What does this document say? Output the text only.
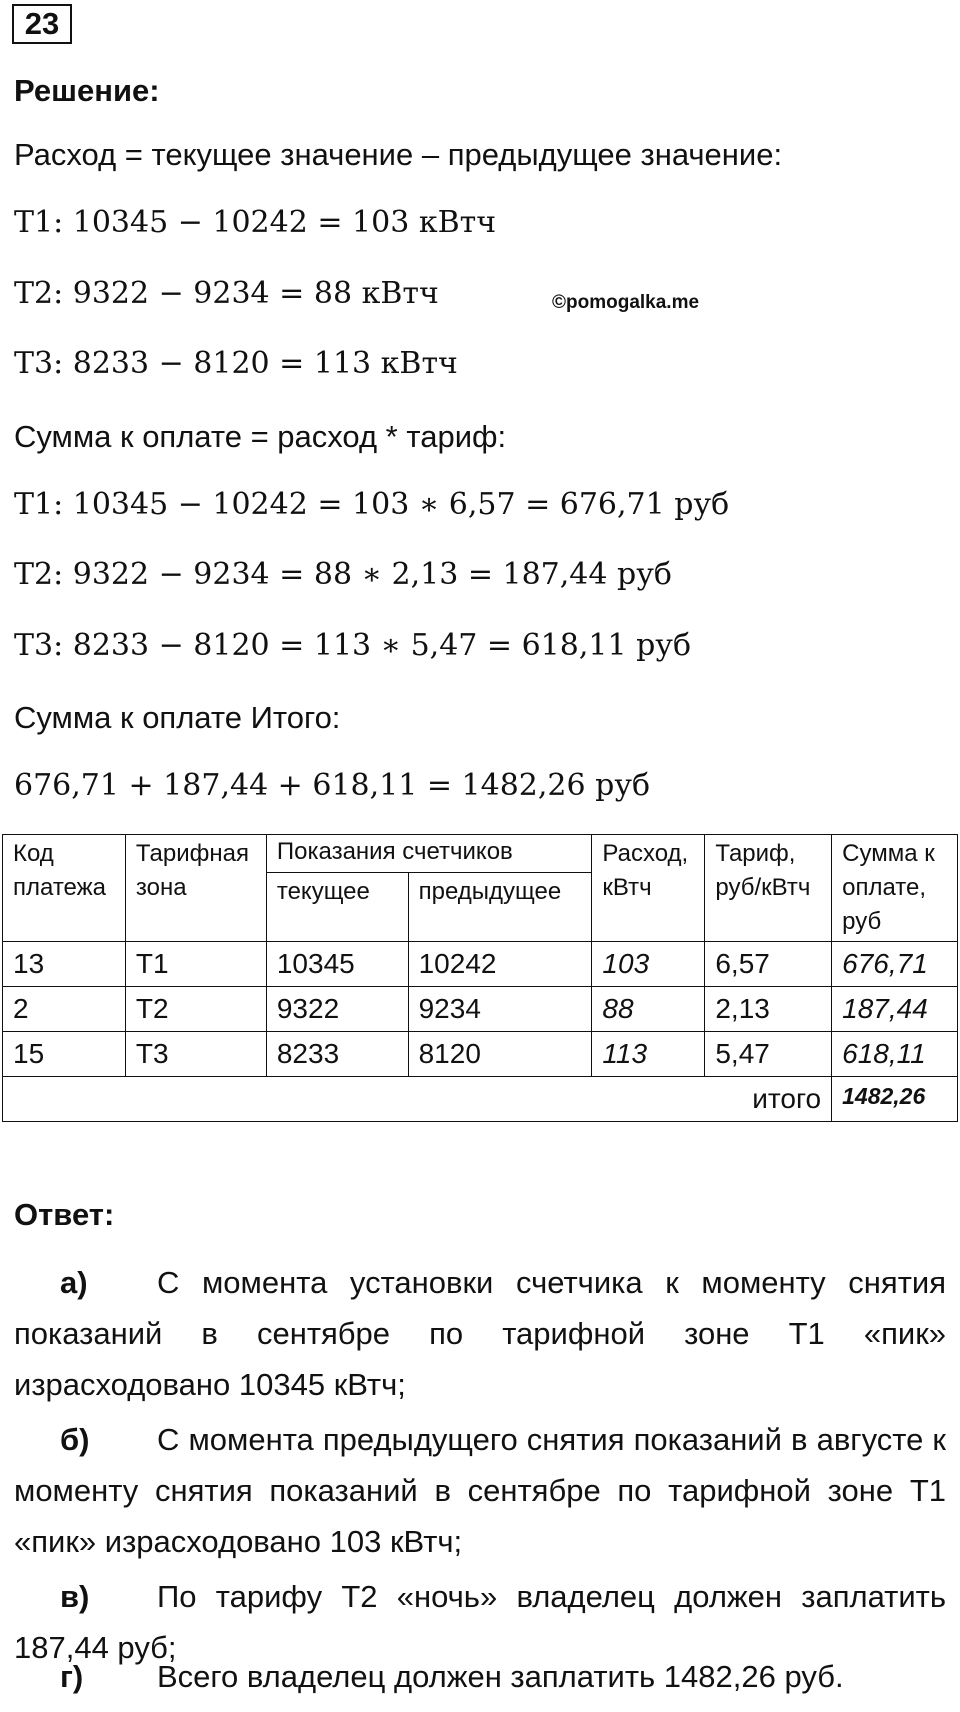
23
Решение:
Расход = текущее значение – предыдущее значение:
T1: 10345 − 10242 = 103 кВтч
T2: 9322 − 9234 = 88 кВтч	©pomogalka.me
T3: 8233 − 8120 = 113 кВтч
Сумма к оплате = расход * тариф:
T1: 10345 − 10242 = 103 ∗ 6,57 = 676,71 руб
T2: 9322 − 9234 = 88 ∗ 2,13 = 187,44 руб
T3: 8233 − 8120 = 113 ∗ 5,47 = 618,11 руб
Сумма к оплате Итого:
676,71 + 187,44 + 618,11 = 1482,26 руб
Код платежа	Тарифная зона	Показания счетчиков		Расход, кВтч	Тариф, руб/кВтч	Сумма к оплате, руб
		текущее	предыдущее			
13	T1	10345	10242	103	6,57	676,71
2	T2	9322	9234	88	2,13	187,44
15	T3	8233	8120	113	5,47	618,11
итого						1482,26
Ответ:
а) С момента установки счетчика к моменту снятия показаний в сентябре по тарифной зоне T1 «пик» израсходовано 10345 кВтч;
б) С момента предыдущего снятия показаний в августе к моменту снятия показаний в сентябре по тарифной зоне T1 «пик» израсходовано 103 кВтч;
в) По тарифу T2 «ночь» владелец должен заплатить 187,44 руб;
г) Всего владелец должен заплатить 1482,26 руб.
